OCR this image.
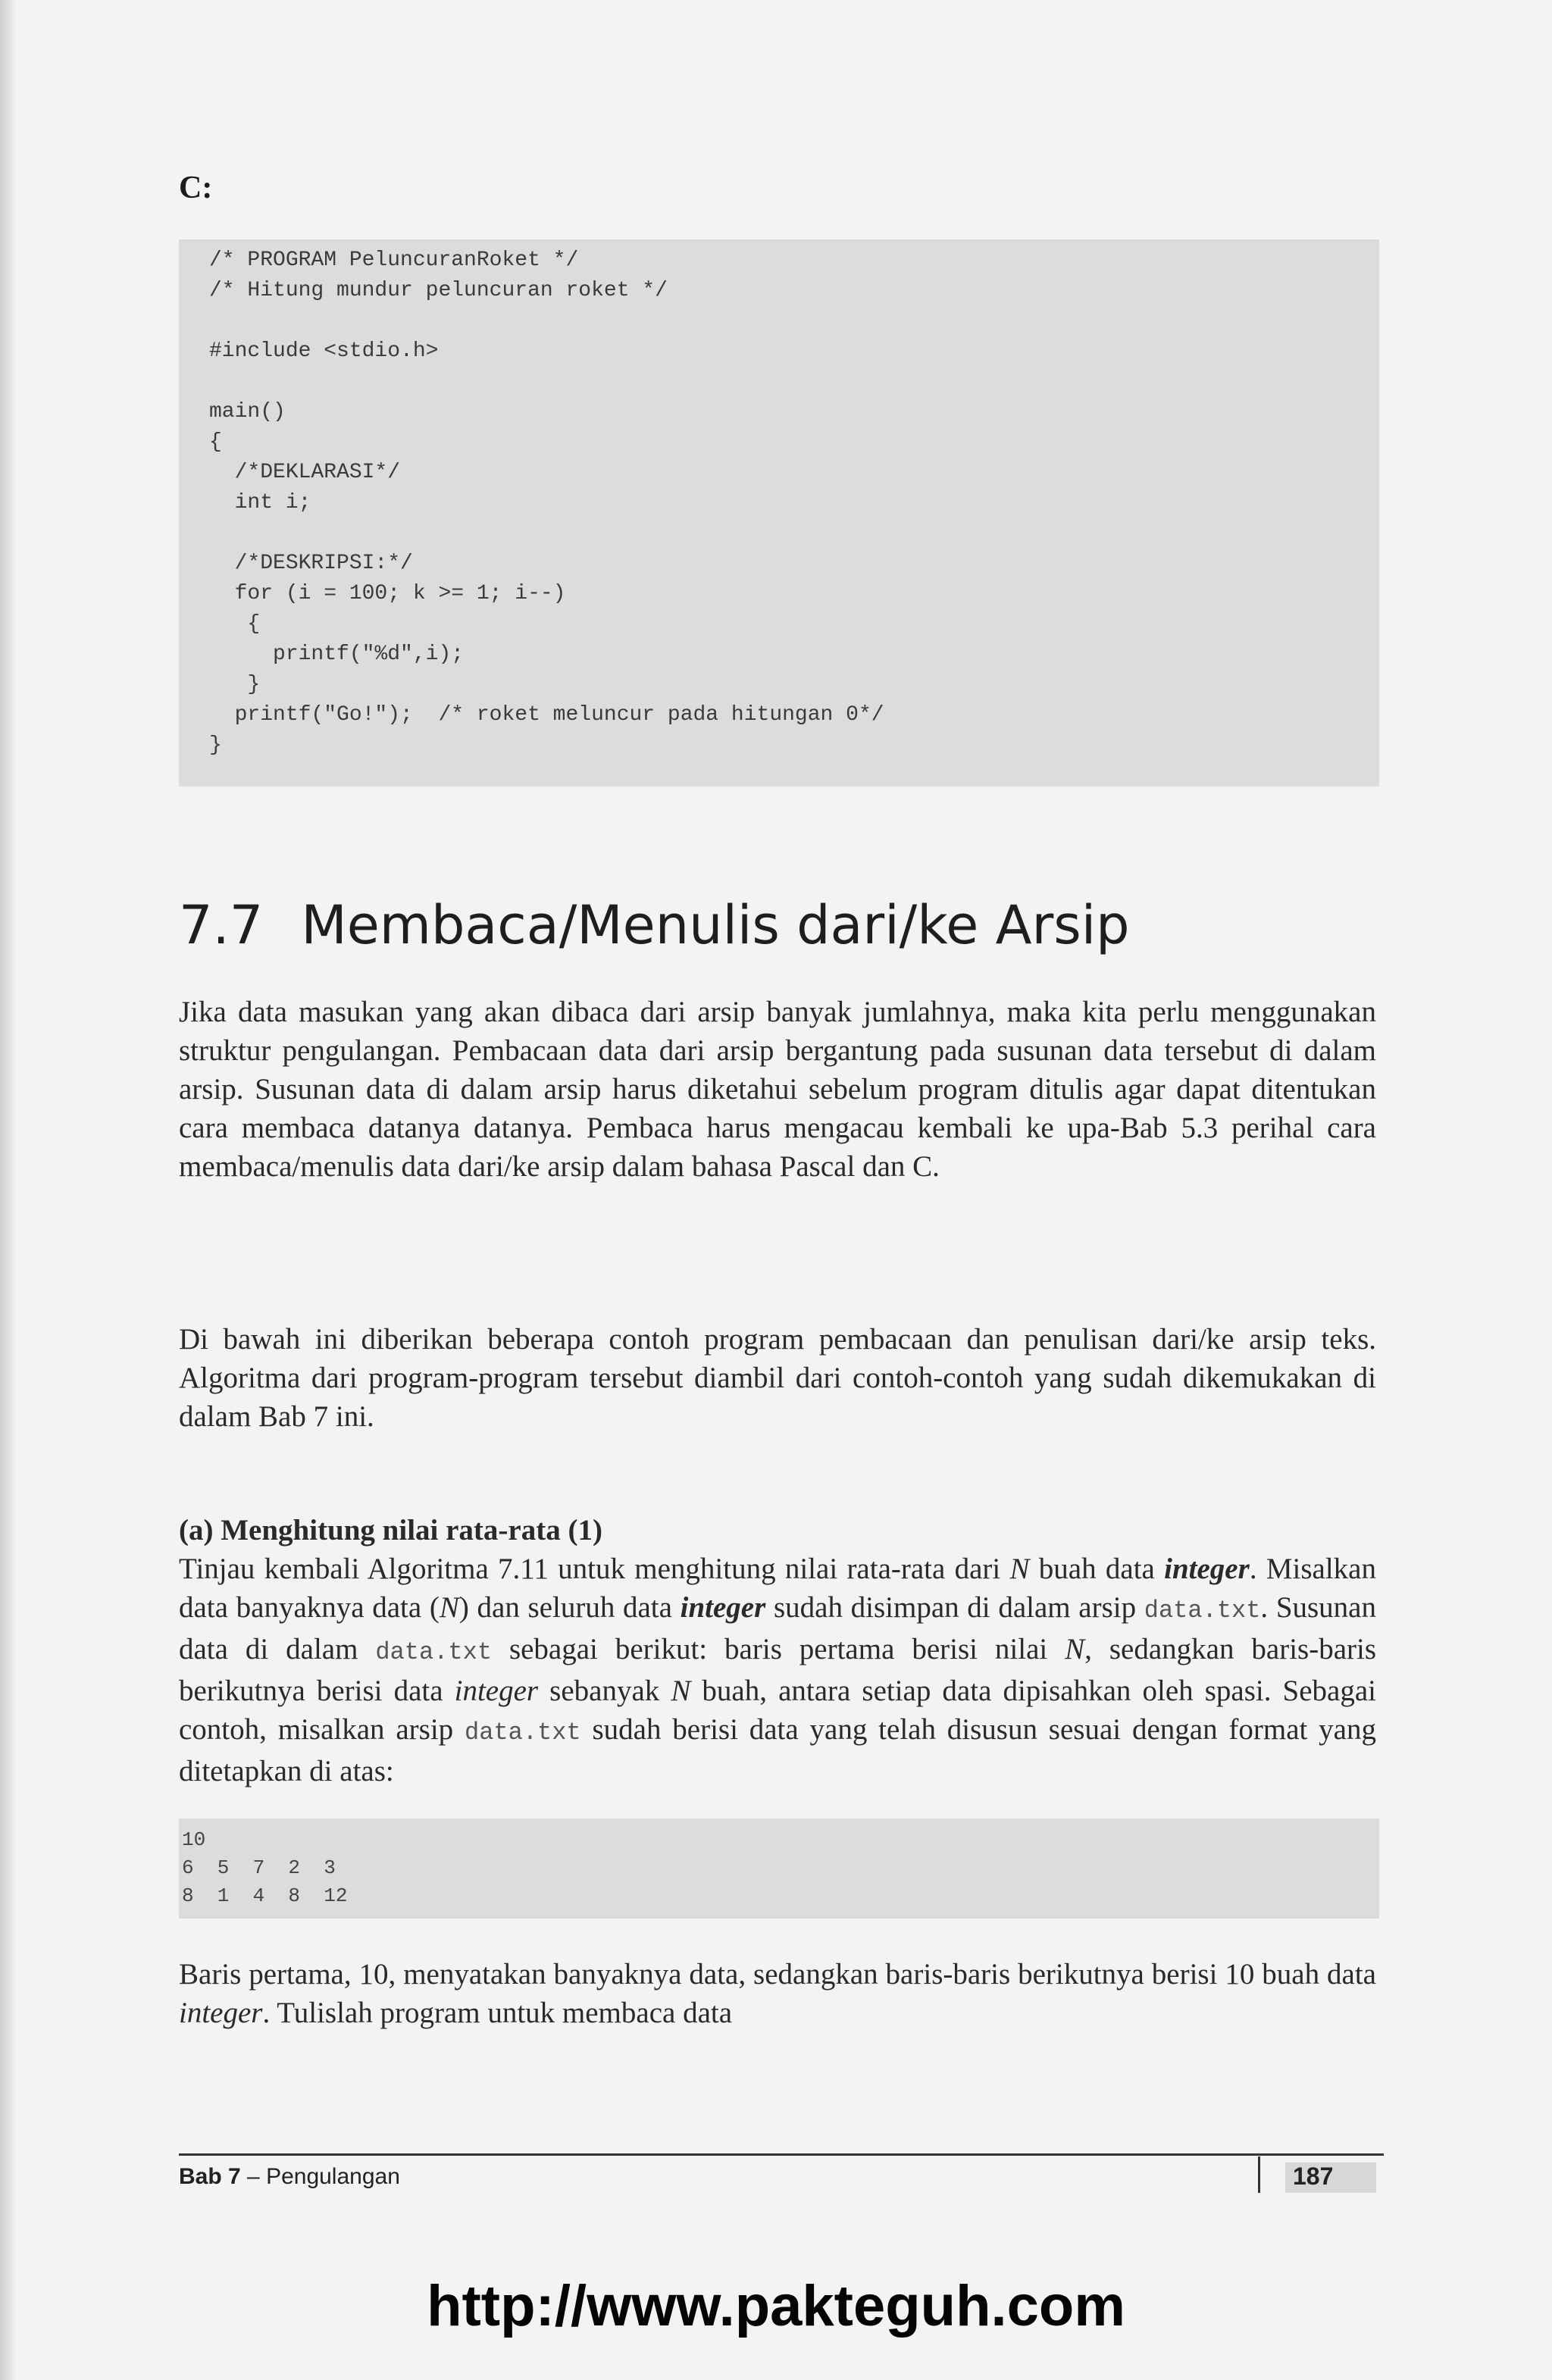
C:
/* PROGRAM PeluncuranRoket */
/* Hitung mundur peluncuran roket */
#include <stdio.h>
main()
{
/*DEKLARASI*/
int i;
/*DESKRIPSI:*/
for (i = 100; k >= 1; i--)
{
printf("%d",i);
}
printf("Go!");  /* roket meluncur pada hitungan 0*/
}
7.7 Membaca/Menulis dari/ke Arsip

Jika data masukan yang akan dibaca dari arsip banyak jumlahnya, maka kita perlu menggunakan struktur pengulangan. Pembacaan data dari arsip bergantung pada susunan data tersebut di dalam arsip. Susunan data di dalam arsip harus diketahui sebelum program ditulis agar dapat ditentukan cara membaca datanya datanya. Pembaca harus mengacau kembali ke upa-Bab 5.3 perihal cara membaca/menulis data dari/ke arsip dalam bahasa Pascal dan C.

Di bawah ini diberikan beberapa contoh program pembacaan dan penulisan dari/ke arsip teks. Algoritma dari program-program tersebut diambil dari contoh-contoh yang sudah dikemukakan di dalam Bab 7 ini.

(a) Menghitung nilai rata-rata (1)
Tinjau kembali Algoritma 7.11 untuk menghitung nilai rata-rata dari N buah data integer. Misalkan data banyaknya data (N) dan seluruh data integer sudah disimpan di dalam arsip data.txt. Susunan data di dalam data.txt sebagai berikut: baris pertama berisi nilai N, sedangkan baris-baris berikutnya berisi data integer sebanyak N buah, antara setiap data dipisahkan oleh spasi. Sebagai contoh, misalkan arsip data.txt sudah berisi data yang telah disusun sesuai dengan format yang ditetapkan di atas:

10
6  5  7  2  3
8  1  4  8  12

Baris pertama, 10, menyatakan banyaknya data, sedangkan baris-baris berikutnya berisi 10 buah data integer. Tulislah program untuk membaca data

Bab 7 – Pengulangan	187
http://www.pakteguh.com
